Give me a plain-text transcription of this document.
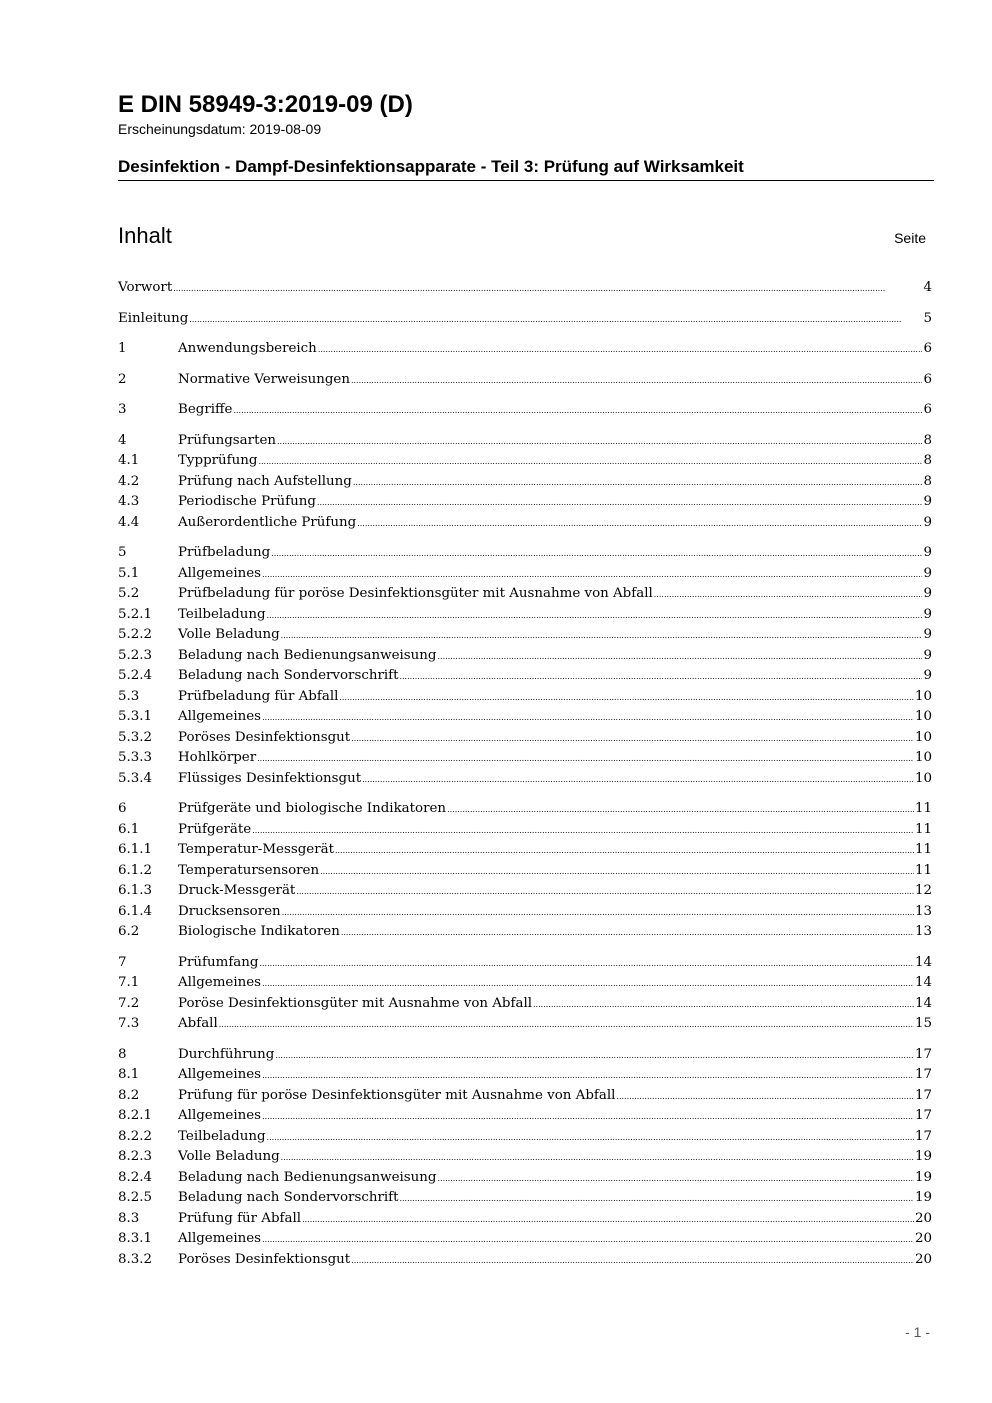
E DIN 58949-3:2019-09 (D)
Erscheinungsdatum: 2019-08-09
Desinfektion - Dampf-Desinfektionsapparate - Teil 3: Prüfung auf Wirksamkeit
Inhalt	Seite
Vorwort .....	4
Einleitung .....	5
1	Anwendungsbereich .....	6
2	Normative Verweisungen .....	6
3	Begriffe .....	6
4	Prüfungsarten .....	8
4.1	Typprüfung .....	8
4.2	Prüfung nach Aufstellung .....	8
4.3	Periodische Prüfung .....	9
4.4	Außerordentliche Prüfung .....	9
5	Prüfbeladung .....	9
5.1	Allgemeines .....	9
5.2	Prüfbeladung für poröse Desinfektionsgüter mit Ausnahme von Abfall .....	9
5.2.1	Teilbeladung .....	9
5.2.2	Volle Beladung .....	9
5.2.3	Beladung nach Bedienungsanweisung .....	9
5.2.4	Beladung nach Sondervorschrift .....	9
5.3	Prüfbeladung für Abfall .....	10
5.3.1	Allgemeines .....	10
5.3.2	Poröses Desinfektionsgut .....	10
5.3.3	Hohlkörper .....	10
5.3.4	Flüssiges Desinfektionsgut .....	10
6	Prüfgeräte und biologische Indikatoren .....	11
6.1	Prüfgeräte .....	11
6.1.1	Temperatur-Messgerät .....	11
6.1.2	Temperatursensoren .....	11
6.1.3	Druck-Messgerät .....	12
6.1.4	Drucksensoren .....	13
6.2	Biologische Indikatoren .....	13
7	Prüfumfang .....	14
7.1	Allgemeines .....	14
7.2	Poröse Desinfektionsgüter mit Ausnahme von Abfall .....	14
7.3	Abfall .....	15
8	Durchführung .....	17
8.1	Allgemeines .....	17
8.2	Prüfung für poröse Desinfektionsgüter mit Ausnahme von Abfall .....	17
8.2.1	Allgemeines .....	17
8.2.2	Teilbeladung .....	17
8.2.3	Volle Beladung .....	19
8.2.4	Beladung nach Bedienungsanweisung .....	19
8.2.5	Beladung nach Sondervorschrift .....	19
8.3	Prüfung für Abfall .....	20
8.3.1	Allgemeines .....	20
8.3.2	Poröses Desinfektionsgut .....	20
- 1 -
